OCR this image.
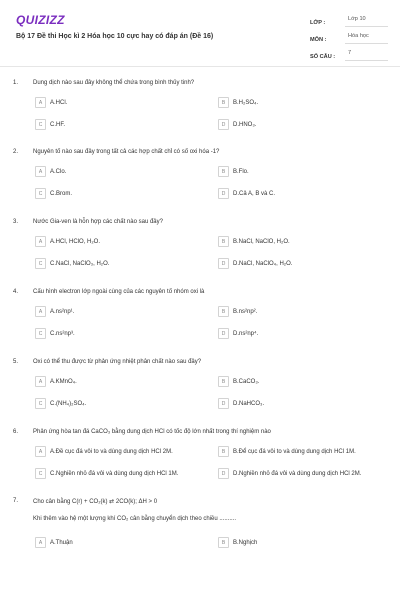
QUIZIZZ
Bộ 17 Đề thi Học kì 2 Hóa học 10 cực hay có đáp án (Đề 16)
LỚP :
Lớp 10
MÔN :
Hóa học
SỐ CÂU :
7
1. Dung dịch nào sau đây không thể chứa trong bình thủy tinh?
A	A.HCl.	B	B.H₂SO₄.
C	C.HF.	D	D.HNO₃.
2. Nguyên tố nào sau đây trong tất cả các hợp chất chỉ có số oxi hóa -1?
A	A.Clo.	B	B.Flo.
C	C.Brom.	D	D.Cả A, B và C.
3. Nước Gia-ven là hỗn hợp các chất nào sau đây?
A	A.HCl, HClO, H₂O.	B	B.NaCl, NaClO, H₂O.
C	C.NaCl, NaClO₃, H₂O.	D	D.NaCl, NaClO₄, H₂O.
4. Cấu hình electron lớp ngoài cùng của các nguyên tố nhóm oxi là
A	A.ns²np¹.	B	B.ns²np².
C	C.ns²np³.	D	D.ns²np⁴.
5. Oxi có thể thu được từ phản ứng nhiệt phân chất nào sau đây?
A	A.KMnO₄.	B	B.CaCO₃.
C	C.(NH₄)₂SO₄.	D	D.NaHCO₃.
6. Phản ứng hòa tan đá CaCO₃ bằng dung dịch HCl có tốc độ lớn nhất trong thí nghiệm nào
A	A.Đề cục đá vôi to và dùng dung dịch HCl 2M.	B	B.Để cục đá vôi to và dùng dung dịch HCl 1M.
C	C.Nghiền nhỏ đá vôi và dùng dung dịch HCl 1M.	D	D.Nghiền nhỏ đá vôi và dùng dung dịch HCl 2M.
7. Cho cân bằng C(r) + CO₂(k) ⇄ 2CO(k); ΔH > 0
Khi thêm vào hệ một lượng khí CO₂ cân bằng chuyển dịch theo chiều ..........
A	A.Thuận	B	B.Nghịch
